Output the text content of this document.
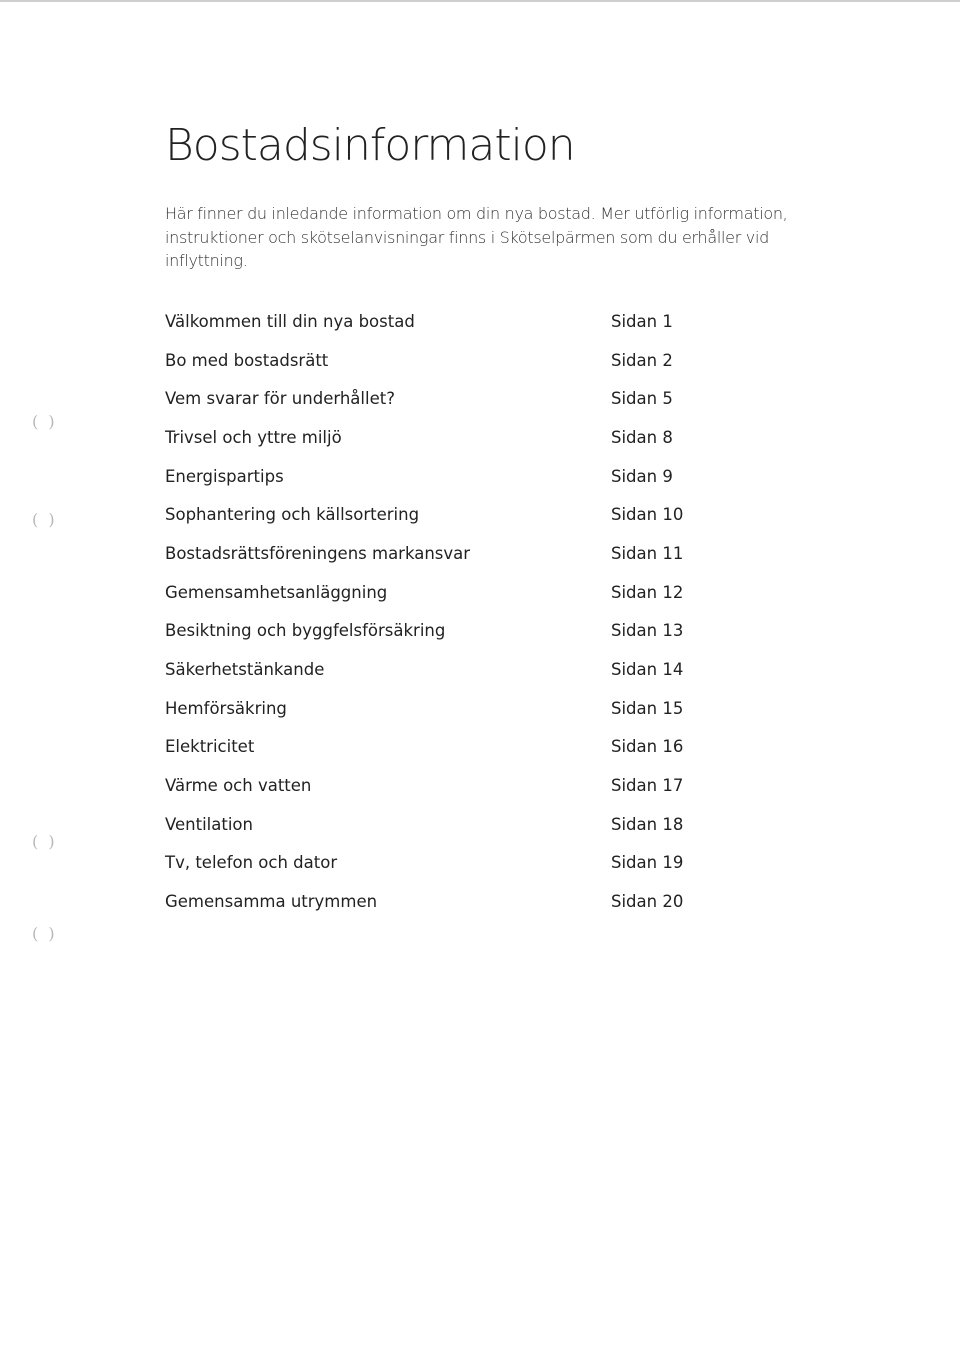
Bostadsinformation

Här finner du inledande information om din nya bostad. Mer utförlig information, instruktioner och skötselanvisningar finns i Skötselpärmen som du erhåller vid inflyttning.

Välkommen till din nya bostad	Sidan 1
Bo med bostadsrätt	Sidan 2
Vem svarar för underhållet?	Sidan 5
Trivsel och yttre miljö	Sidan 8
Energispartips	Sidan 9
Sophantering och källsortering	Sidan 10
Bostadsrättsföreningens markansvar	Sidan 11
Gemensamhetsanläggning	Sidan 12
Besiktning och byggfelsförsäkring	Sidan 13
Säkerhetstänkande	Sidan 14
Hemförsäkring	Sidan 15
Elektricitet	Sidan 16
Värme och vatten	Sidan 17
Ventilation	Sidan 18
Tv, telefon och dator	Sidan 19
Gemensamma utrymmen	Sidan 20
(  )
(  )
(  )
(  )
